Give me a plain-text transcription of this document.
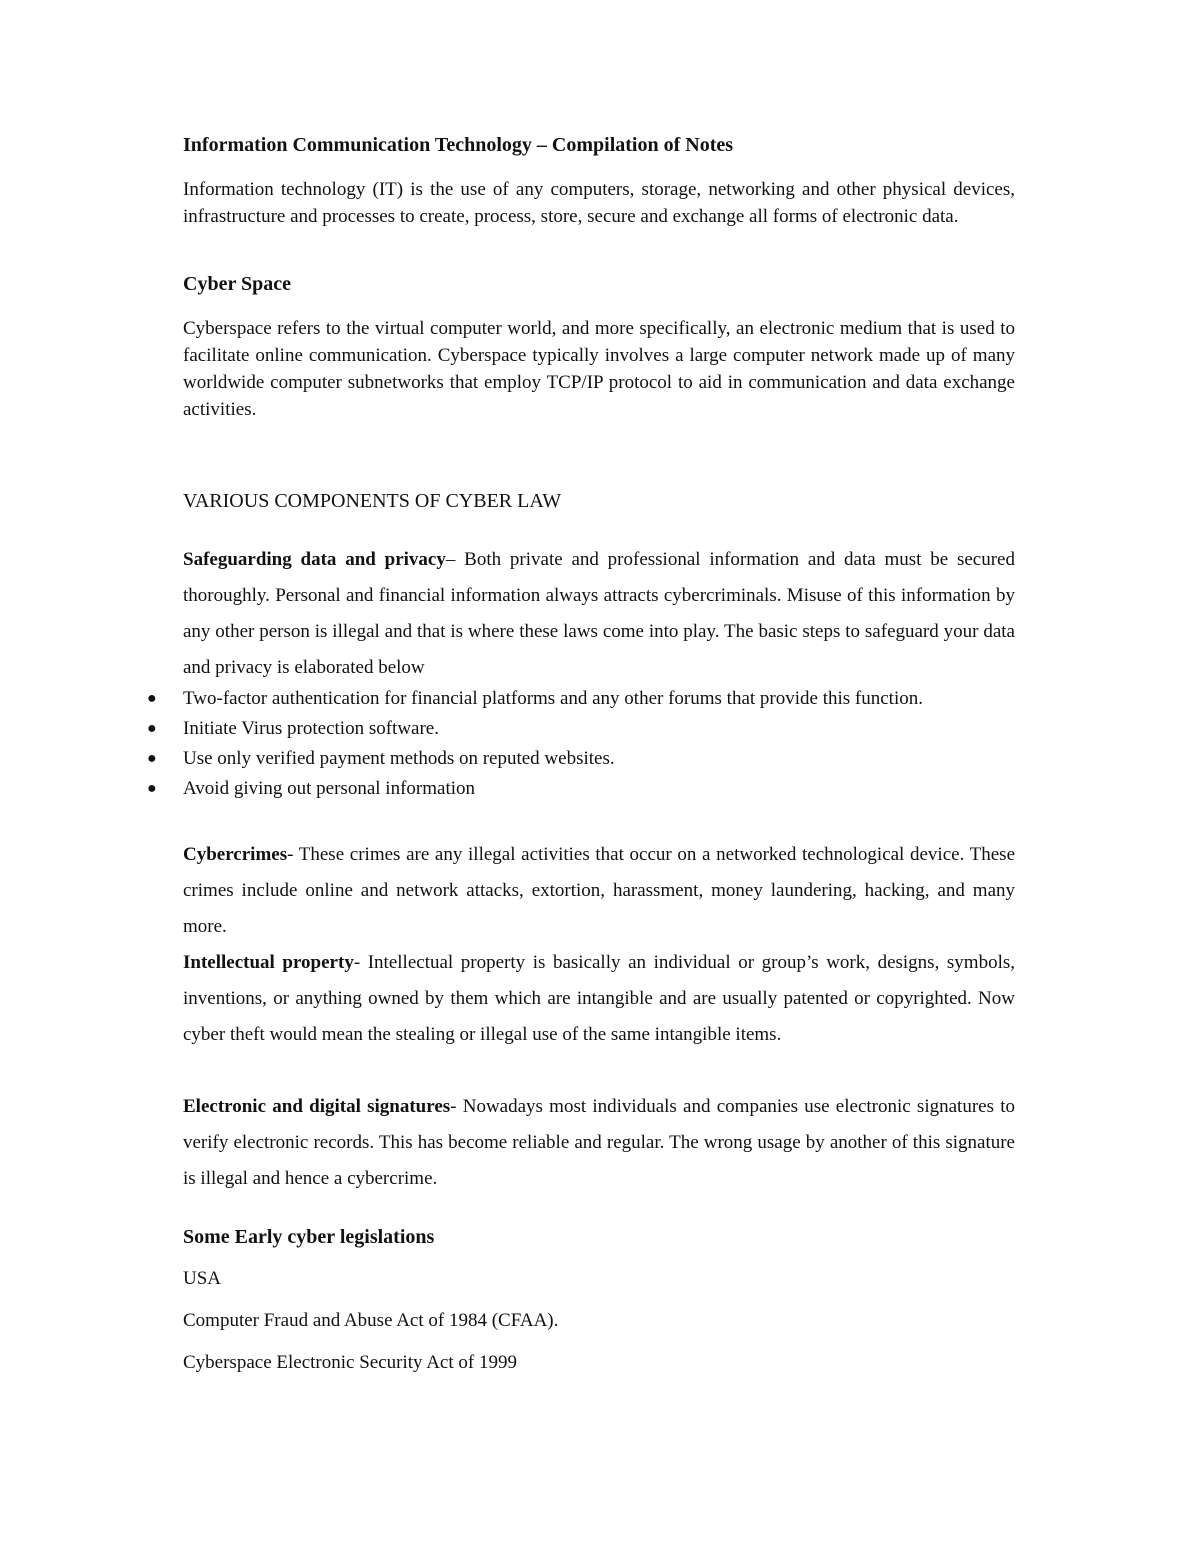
Information Communication Technology – Compilation of Notes

Information technology (IT) is the use of any computers, storage, networking and other physical devices, infrastructure and processes to create, process, store, secure and exchange all forms of electronic data.

Cyber Space

Cyberspace refers to the virtual computer world, and more specifically, an electronic medium that is used to facilitate online communication. Cyberspace typically involves a large computer network made up of many worldwide computer subnetworks that employ TCP/IP protocol to aid in communication and data exchange activities.

VARIOUS COMPONENTS OF CYBER LAW

Safeguarding data and privacy– Both private and professional information and data must be secured thoroughly. Personal and financial information always attracts cybercriminals. Misuse of this information by any other person is illegal and that is where these laws come into play. The basic steps to safeguard your data and privacy is elaborated below

● Two-factor authentication for financial platforms and any other forums that provide this function.
● Initiate Virus protection software.
● Use only verified payment methods on reputed websites.
● Avoid giving out personal information

Cybercrimes- These crimes are any illegal activities that occur on a networked technological device. These crimes include online and network attacks, extortion, harassment, money laundering, hacking, and many more.

Intellectual property- Intellectual property is basically an individual or group’s work, designs, symbols, inventions, or anything owned by them which are intangible and are usually patented or copyrighted. Now cyber theft would mean the stealing or illegal use of the same intangible items.

Electronic and digital signatures- Nowadays most individuals and companies use electronic signatures to verify electronic records. This has become reliable and regular. The wrong usage by another of this signature is illegal and hence a cybercrime.

Some Early cyber legislations

USA

Computer Fraud and Abuse Act of 1984 (CFAA).

Cyberspace Electronic Security Act of 1999
